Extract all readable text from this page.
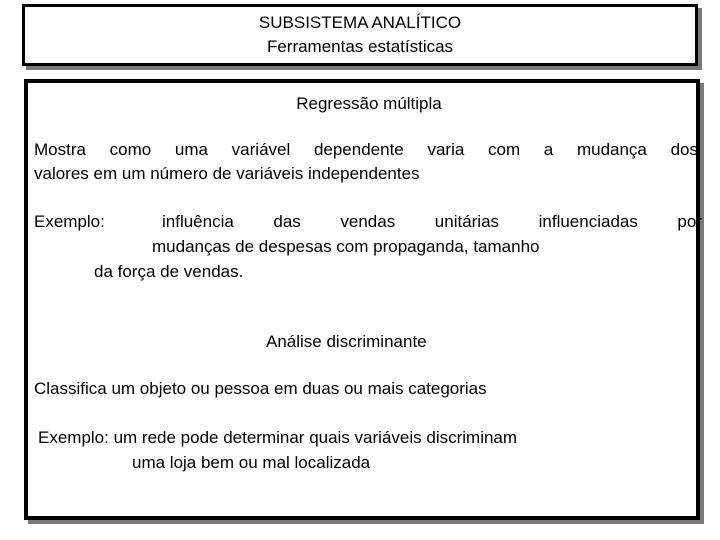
SUBSISTEMA ANALÍTICO
Ferramentas estatísticas
Regressão múltipla
Mostra como uma variável dependente varia com a mudança dos
valores em um número de variáveis independentes
Exemplo:	influência das vendas unitárias influenciadas por
mudanças de despesas com propaganda, tamanho
da força de vendas.
Análise discriminante
Classifica um objeto ou pessoa em duas ou mais categorias
Exemplo: um rede pode determinar quais variáveis discriminam
uma loja bem ou mal localizada
